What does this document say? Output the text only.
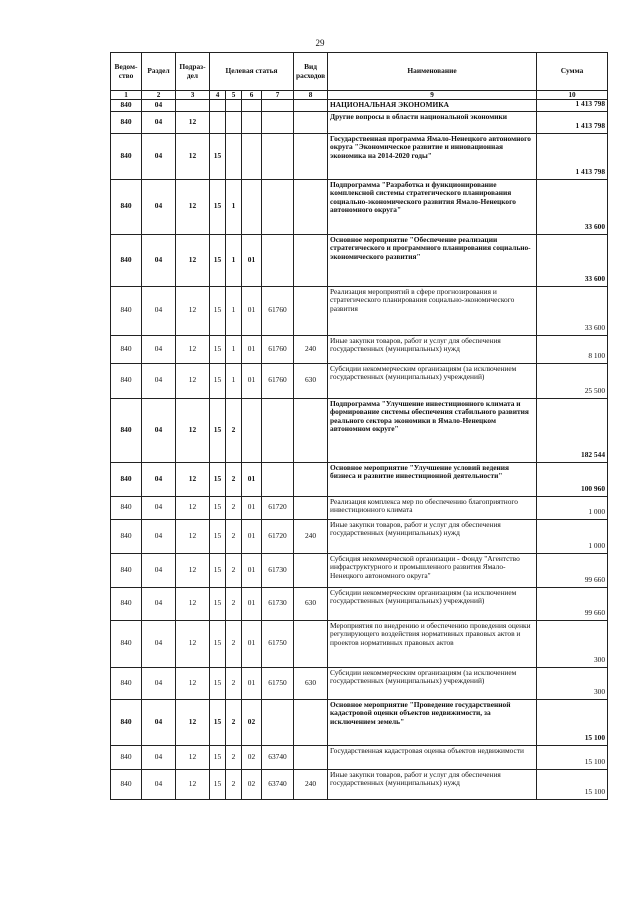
29
Ведом-ство	Раздел	Подраз-дел	Целевая статья				Вид расходов	Наименование	Сумма
1	2	3	4	5	6	7	8	9	10
840	04							НАЦИОНАЛЬНАЯ ЭКОНОМИКА	1 413 798
840	04	12						Другие вопросы в области национальной экономики	1 413 798
840	04	12	15					Государственная программа Ямало-Ненецкого автономного округа "Экономическое развитие и инновационная экономика на 2014-2020 годы"	1 413 798
840	04	12	15	1				Подпрограмма "Разработка и функционирование комплексной системы стратегического планирования социально-экономического развития Ямало-Ненецкого автономного округа"	33 600
840	04	12	15	1	01			Основное мероприятие "Обеспечение реализации стратегического и программного планирования социально-экономического развития"	33 600
840	04	12	15	1	01	61760		Реализация мероприятий в сфере прогнозирования и стратегического планирования социально-экономического развития	33 600
840	04	12	15	1	01	61760	240	Иные закупки товаров, работ и услуг для обеспечения государственных (муниципальных) нужд	8 100
840	04	12	15	1	01	61760	630	Субсидии некоммерческим организациям (за исключением государственных (муниципальных) учреждений)	25 500
840	04	12	15	2				Подпрограмма "Улучшение инвестиционного климата и формирование системы обеспечения стабильного развития реального сектора экономики в Ямало-Ненецком автономном округе"	182 544
840	04	12	15	2	01			Основное мероприятие "Улучшение условий ведения бизнеса и развитие инвестиционной деятельности"	100 960
840	04	12	15	2	01	61720		Реализация комплекса мер по обеспечению благоприятного инвестиционного климата	1 000
840	04	12	15	2	01	61720	240	Иные закупки товаров, работ и услуг для обеспечения государственных (муниципальных) нужд	1 000
840	04	12	15	2	01	61730		Субсидия некоммерческой организации - Фонду "Агентство инфраструктурного и промышленного развития Ямало-Ненецкого автономного округа"	99 660
840	04	12	15	2	01	61730	630	Субсидии некоммерческим организациям (за исключением государственных (муниципальных) учреждений)	99 660
840	04	12	15	2	01	61750		Мероприятия по внедрению и обеспечению проведения оценки регулирующего воздействия нормативных правовых актов и проектов нормативных правовых актов	300
840	04	12	15	2	01	61750	630	Субсидии некоммерческим организациям (за исключением государственных (муниципальных) учреждений)	300
840	04	12	15	2	02			Основное мероприятие "Проведение государственной кадастровой оценки объектов недвижимости, за исключением земель"	15 100
840	04	12	15	2	02	63740		Государственная кадастровая оценка объектов недвижимости	15 100
840	04	12	15	2	02	63740	240	Иные закупки товаров, работ и услуг для обеспечения государственных (муниципальных) нужд	15 100
